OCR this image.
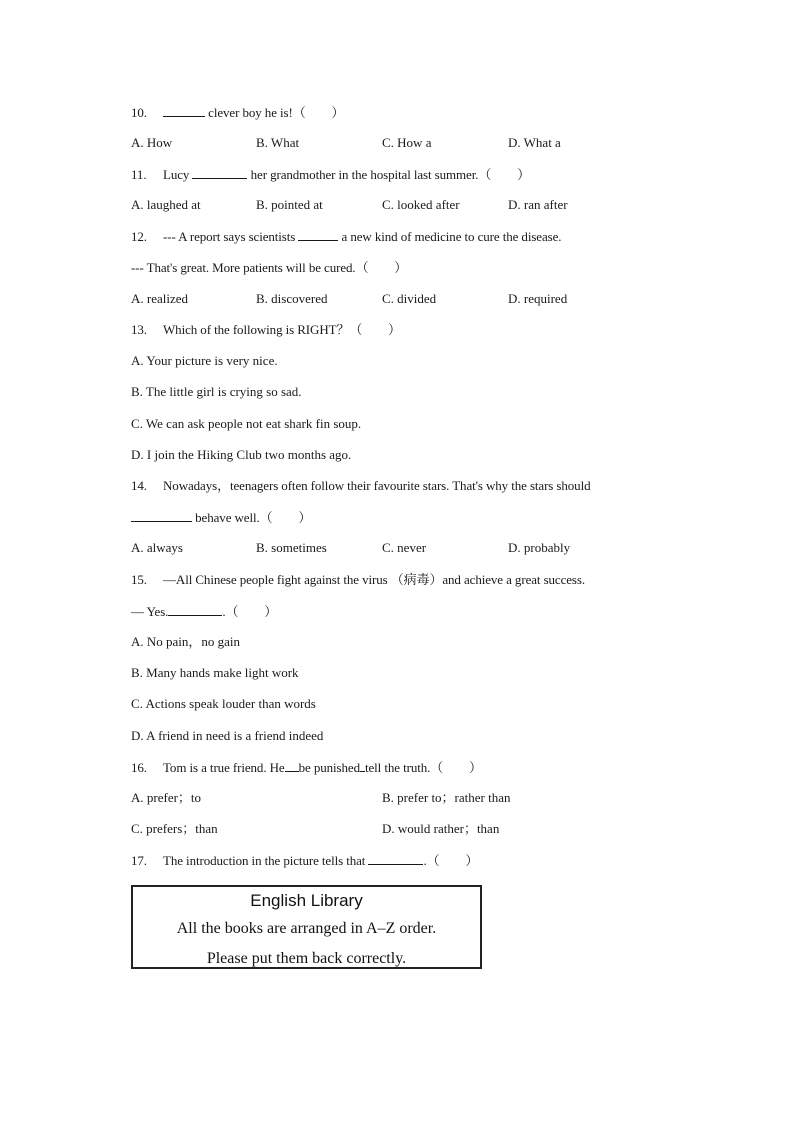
10.	clever boy he is!（　　）
A. How	B. What	C. How a	D. What a
11. Lucy	her grandmother in the hospital last summer.（　　）
A. laughed at	B. pointed at	C. looked after	D. ran after
12. --- A report says scientists	a new kind of medicine to cure the disease.
--- That's great. More patients will be cured.（　　）
A. realized	B. discovered	C. divided	D. required
13. Which of the following is RIGHT？（　　）
A. Your picture is very nice.
B. The little girl is crying so sad.
C. We can ask people not eat shark fin soup.
D. I join the Hiking Club two months ago.
14. Nowadays，teenagers often follow their favourite stars. That's why the stars should
behave well.（　　）
A. always	B. sometimes	C. never	D. probably
15. —All Chinese people fight against the virus （病毒）and achieve a great success.
— Yes.	.（　　）
A. No pain，no gain
B. Many hands make light work
C. Actions speak louder than words
D. A friend in need is a friend indeed
16. Tom is a true friend. He be punished tell the truth.（　　）
A. prefer；to	B. prefer to；rather than
C. prefers；than	D. would rather；than
17. The introduction in the picture tells that	.（　　）
English Library
All the books are arranged in A–Z order.
Please put them back correctly.
